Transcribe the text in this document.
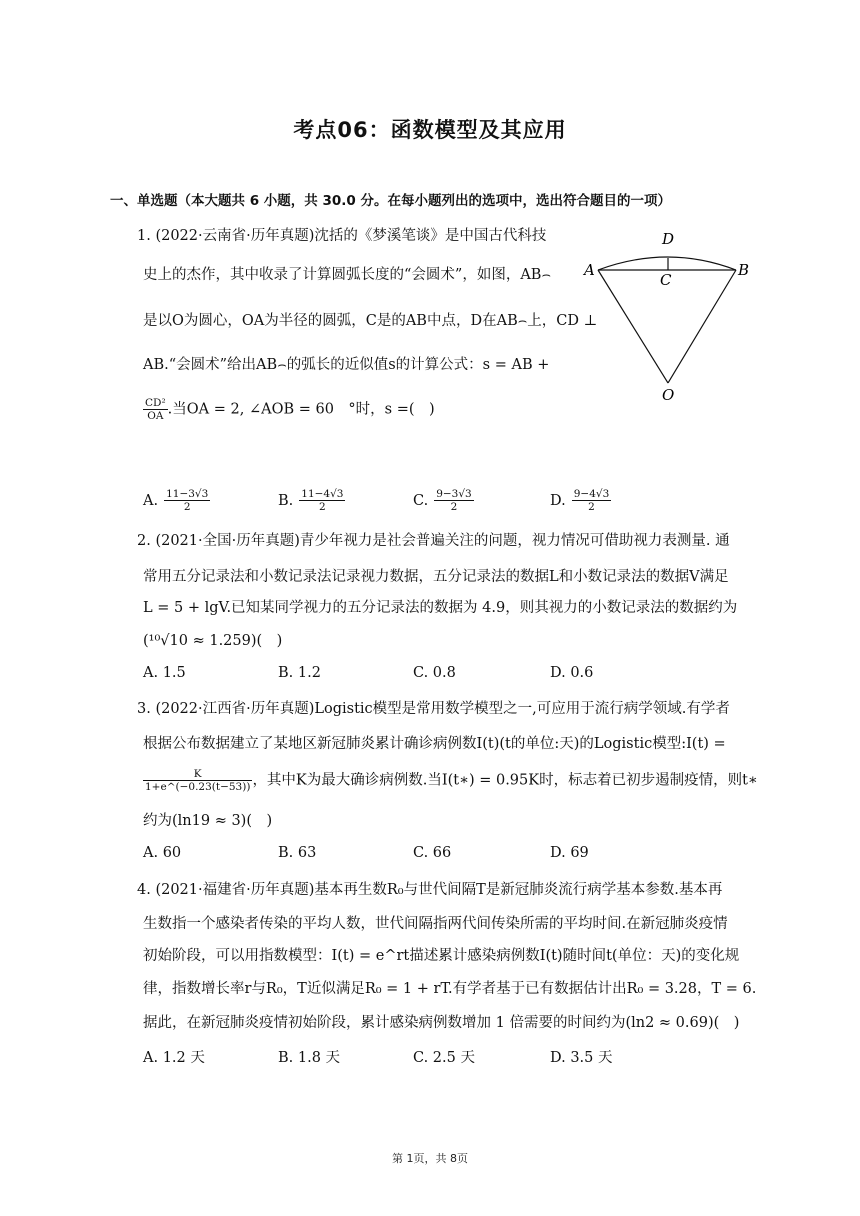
考点06：函数模型及其应用
一、单选题（本大题共 6 小题，共 30.0 分。在每小题列出的选项中，选出符合题目的一项）
1. (2022·云南省·历年真题)沈括的《梦溪笔谈》是中国古代科技
史上的杰作，其中收录了计算圆弧长度的“会圆术”，如图，AB⌢
是以O为圆心，OA为半径的圆弧，C是的AB中点，D在AB⌢上，CD ⊥
AB.“会圆术”给出AB⌢的弧长的近似值s的计算公式：s = AB +
$\frac{\text{CD²}}{OA}$ .当OA = 2, ∠AOB = 60　°时，s =(　)
D
A
C
B
O
A. $\frac{11-3√3}{2}$	B. $\frac{11-4√3}{2}$	C. $\frac{9-3√3}{2}$	D. $\frac{9-4√3}{2}$
2. (2021·全国·历年真题)青少年视力是社会普遍关注的问题，视力情况可借助视力表测量. 通
常用五分记录法和小数记录法记录视力数据，五分记录法的数据L和小数记录法的数据V满足
L = 5 + lgV.已知某同学视力的五分记录法的数据为 4.9，则其视力的小数记录法的数据约为
(¹⁰√10 ≈ 1.259)(　)
A. 1.5	B. 1.2	C. 0.8	D. 0.6
3. (2022·江西省·历年真题)Logistic模型是常用数学模型之一,可应用于流行病学领域.有学者
根据公布数据建立了某地区新冠肺炎累计确诊病例数I(t)(t的单位:天)的Logistic模型:I(t) =
$\frac{K}{1+e\^{}(-0.23(t-53))}$ ，其中K为最大确诊病例数.当I(t∗) = 0.95K时，标志着已初步遏制疫情，则t∗
约为(ln19 ≈ 3)(　)
A. 60	B. 63	C. 66	D. 69
4. (2021·福建省·历年真题)基本再生数R₀与世代间隔T是新冠肺炎流行病学基本参数.基本再
生数指一个感染者传染的平均人数，世代间隔指两代间传染所需的平均时间.在新冠肺炎疫情
初始阶段，可以用指数模型：I(t) = e^rt描述累计感染病例数I(t)随时间t(单位：天)的变化规
律，指数增长率r与R₀，T近似满足R₀ = 1 + rT.有学者基于已有数据估计出R₀ = 3.28，T = 6.
据此，在新冠肺炎疫情初始阶段，累计感染病例数增加 1 倍需要的时间约为(ln2 ≈ 0.69)(　)
A. 1.2 天	B. 1.8 天	C. 2.5 天	D. 3.5 天
第 1页，共 8页
